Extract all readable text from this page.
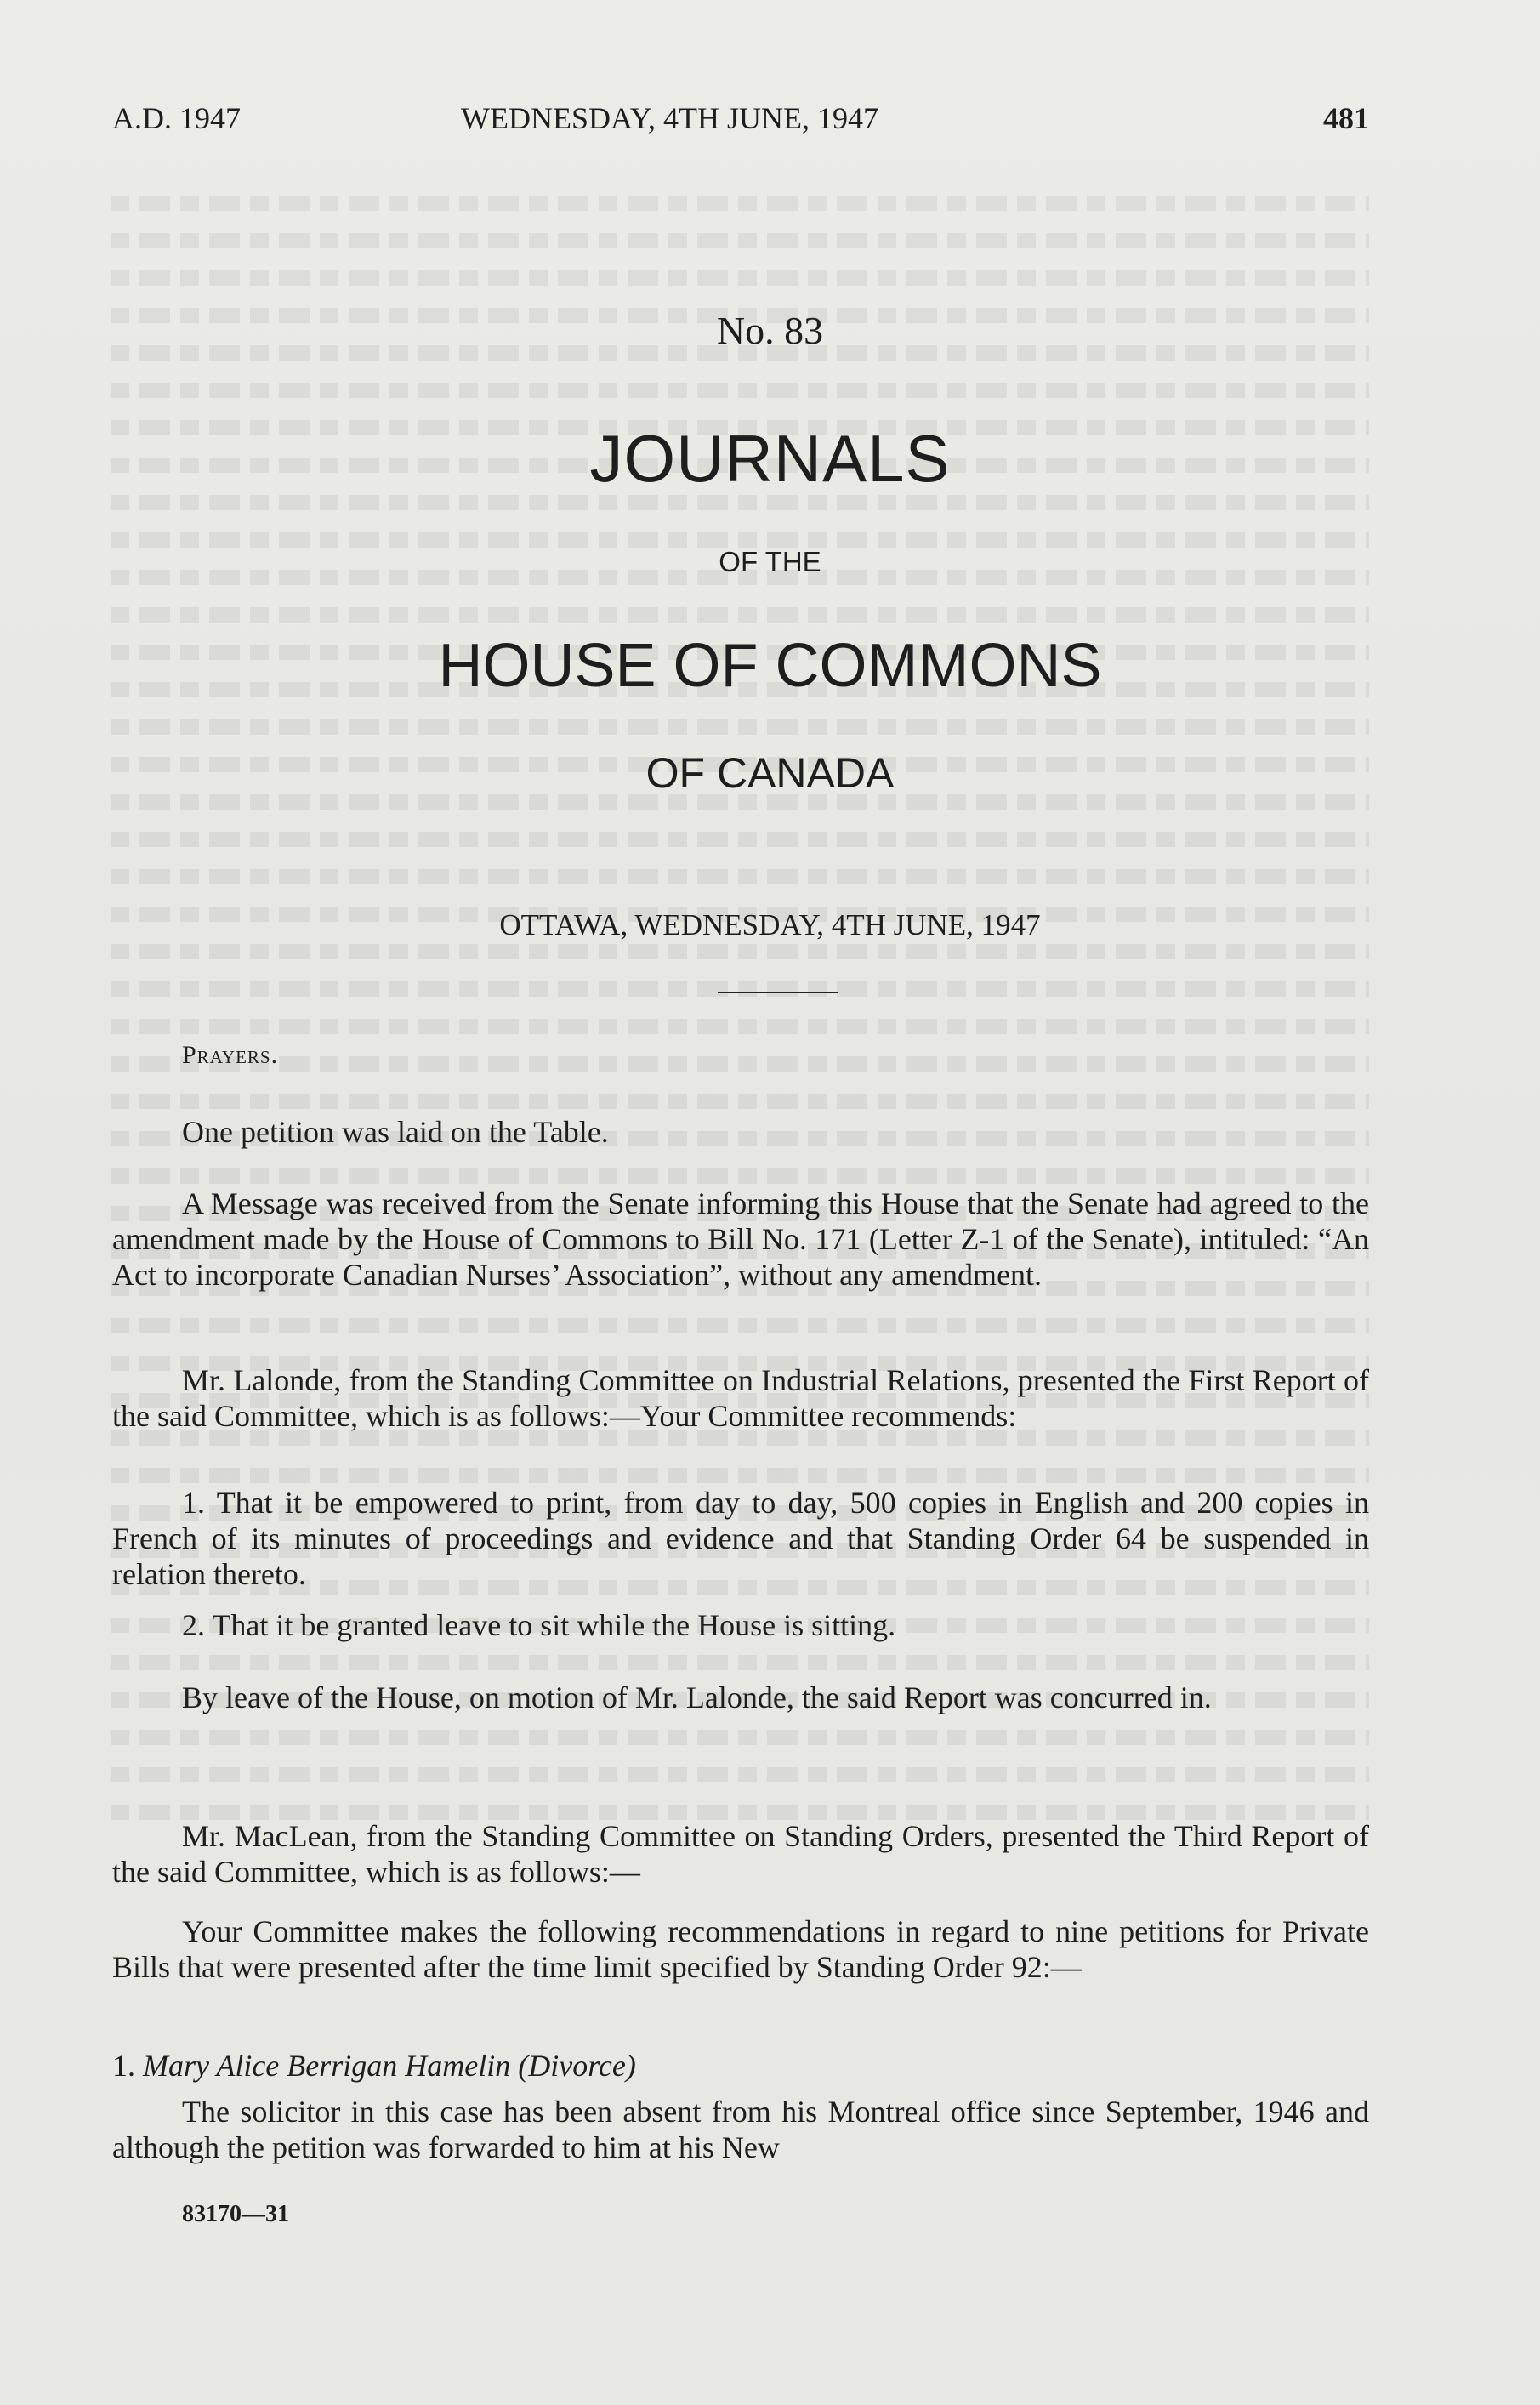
A.D. 1947	WEDNESDAY, 4TH JUNE, 1947	481
No. 83
JOURNALS
OF THE
HOUSE OF COMMONS
OF CANADA
OTTAWA, WEDNESDAY, 4TH JUNE, 1947
Prayers.

One petition was laid on the Table.

A Message was received from the Senate informing this House that the Senate had agreed to the amendment made by the House of Commons to Bill No. 171 (Letter Z-1 of the Senate), intituled: “An Act to incorporate Canadian Nurses’ Association”, without any amendment.

Mr. Lalonde, from the Standing Committee on Industrial Relations, presented the First Report of the said Committee, which is as follows:—Your Committee recommends:

1. That it be empowered to print, from day to day, 500 copies in English and 200 copies in French of its minutes of proceedings and evidence and that Standing Order 64 be suspended in relation thereto.

2. That it be granted leave to sit while the House is sitting.

By leave of the House, on motion of Mr. Lalonde, the said Report was concurred in.

Mr. MacLean, from the Standing Committee on Standing Orders, presented the Third Report of the said Committee, which is as follows:—

Your Committee makes the following recommendations in regard to nine petitions for Private Bills that were presented after the time limit specified by Standing Order 92:—

1. Mary Alice Berrigan Hamelin (Divorce)

The solicitor in this case has been absent from his Montreal office since September, 1946 and although the petition was forwarded to him at his New

83170—31
